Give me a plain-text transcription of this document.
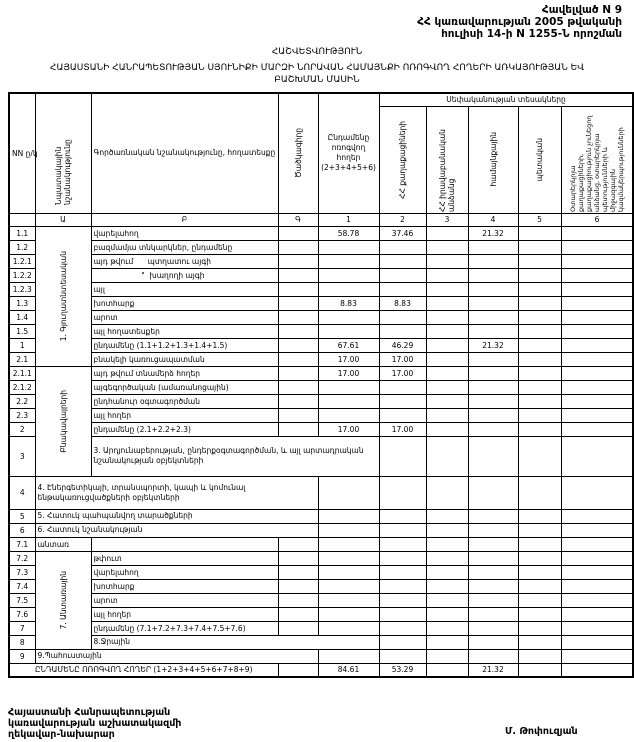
Հավելված N 9
ՀՀ կառավարության 2005 թվականի
հուլիսի 14-ի N 1255-Ն որոշման
ՀԱՇՎԵՏՎՈՒԹՅՈՒՆ
ՀԱՅԱՍՏԱՆԻ ՀԱՆՐԱՊԵՏՈՒԹՅԱՆ ՍՅՈՒՆԻՔԻ ՄԱՐԶԻ ՆՈՐԱՎԱՆ ՀԱՄԱՅՆՔԻ ՈՌՈԳՎՈՂ ՀՈՂԵՐԻ ԱՌԿԱՅՈՒԹՅԱՆ ԵՎ
ԲԱՇԽՄԱՆ ՄԱՍԻՆ
NN ը/կ	Նպատակային նշանակությունը	Գործառնական նշանակությունը, հողատեսքը	Ծածկագիրը	Ընդամենը ոռոգվող հողեր (2+3+4+5+6)	Սեփականության տեսակները					

					ՀՀ քաղաքացիների	ՀՀ իրավաբանական անձանց	համայնքային	պետական	Օտարերկրյա քաղաքացիների, քաղաքացիություն չունեցող անձանց, օտարերկրյա պետությունների և միջազգային կազմակերպությունների	

	Ա	Բ	Գ	1	2	3	4	5	6	
1.1	1. Գյուղատնտեսական	վարելահող		58.78	37.46		21.32			
1.2		բազմամյա տնկարկներ, ընդամենը								
1.2.1		այդ թվում      պտղատու այգի								
1.2.2		"  խաղողի այգի								
1.2.3		այլ								
1.3		խոտհարք		8.83	8.83					
1.4		արոտ								
1.5		այլ հողատեսքեր								
1		ընդամենը (1.1+1.2+1.3+1.4+1.5)		67.61	46.29		21.32			
2.1		բնակելի կառուցապատման		17.00	17.00					
2.1.1	Բնակավայրերի	այդ թվում տնամերձ հողեր		17.00	17.00					
2.1.2		այգեգործական (ամառանոցային)								
2.2		ընդհանուր օգտագործման								
2.3		այլ հողեր								
2		ընդամենը (2.1+2.2+2.3)		17.00	17.00					
3		3. Արդյունաբերության, ընդերքօգտագործման, և այլ արտադրական նշանակության օբյեկտների								
4	4. Էներգետիկայի, տրանսպորտի, կապի և կոմունալ ենթակառուցվածքների օբյեկտների									
5	5. Հատուկ պահպանվող տարածքների									
6	6. Հատուկ նշանակության									
7.1	անտառ									
7.2	7. Անտառային	թփուտ								
7.3		վարելահող								
7.4		խոտհարք								
7.5		արոտ								
7.6		այլ հողեր								
7		ընդամենը (7.1+7.2+7.3+7.4+7.5+7.6)								
8		8.Ջրային								
9	9.Պահուստային									
ԸՆԴԱՄԵՆԸ ՈՌՈԳՎՈՂ ՀՈՂԵՐ (1+2+3+4+5+6+7+8+9)				84.61	53.29		21.32			
Հայաստանի Հանրապետության
կառավարության աշխատակազմի
ղեկավար-նախարար	Մ. Թոփուզյան
